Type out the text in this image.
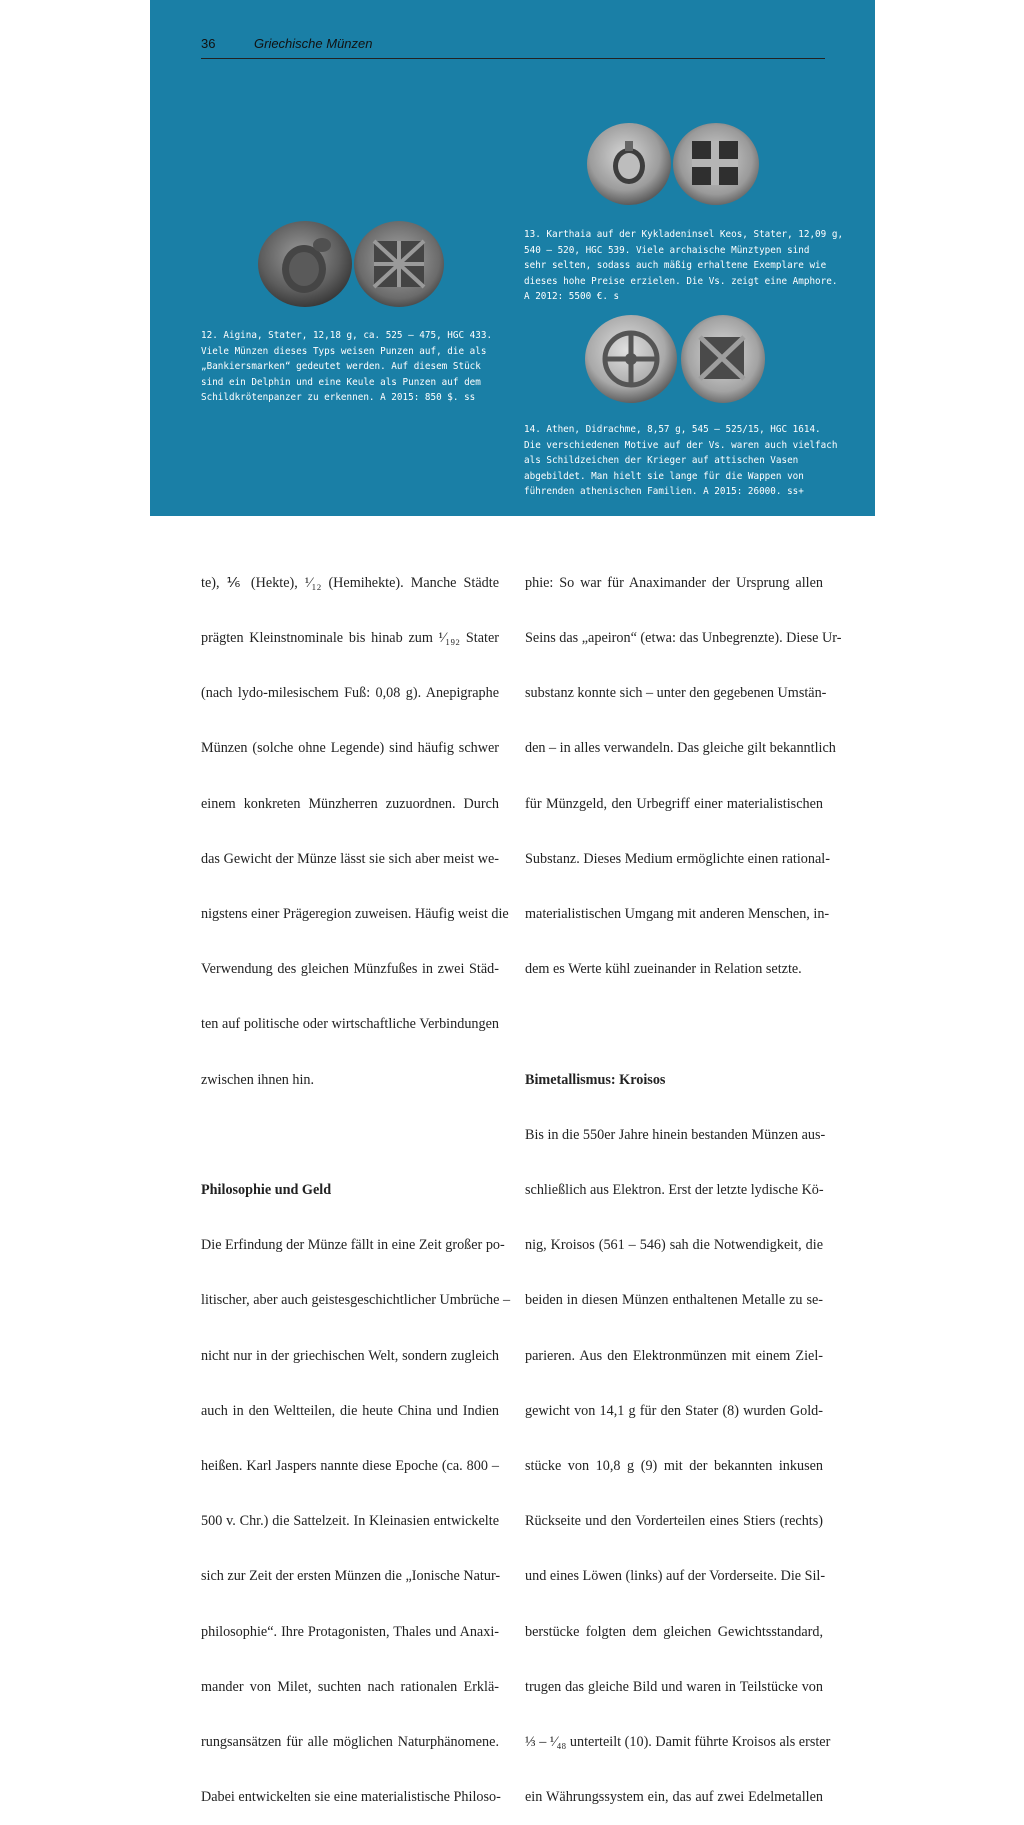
36	Griechische Münzen

12. Aigina, Stater, 12,18 g, ca. 525 – 475, HGC 433.
Viele Münzen dieses Typs weisen Punzen auf, die als
„Bankiersmarken“ gedeutet werden. Auf diesem Stück
sind ein Delphin und eine Keule als Punzen auf dem
Schildkrötenpanzer zu erkennen. A 2015: 850 $. ss

13. Karthaia auf der Kykladeninsel Keos, Stater, 12,09 g,
540 – 520, HGC 539. Viele archaische Münztypen sind
sehr selten, sodass auch mäßig erhaltene Exemplare wie
dieses hohe Preise erzielen. Die Vs. zeigt eine Amphore.
A 2012: 5500 €. s

14. Athen, Didrachme, 8,57 g, 545 – 525/15, HGC 1614.
Die verschiedenen Motive auf der Vs. waren auch vielfach
als Schildzeichen der Krieger auf attischen Vasen
abgebildet. Man hielt sie lange für die Wappen von
führenden athenischen Familien. A 2015: 26000. ss+

te), ⅙ (Hekte), ¹⁄₁₂ (Hemihekte). Manche Städte

prägten Kleinstnominale bis hinab zum ¹⁄₁₉₂ Stater

(nach lydo-milesischem Fuß: 0,08 g). Anepigraphe

Münzen (solche ohne Legende) sind häufig schwer

einem konkreten Münzherren zuzuordnen. Durch

das Gewicht der Münze lässt sie sich aber meist we-

nigstens einer Prägeregion zuweisen. Häufig weist die

Verwendung des gleichen Münzfußes in zwei Städ-

ten auf politische oder wirtschaftliche Verbindungen

zwischen ihnen hin.

Philosophie und Geld

Die Erfindung der Münze fällt in eine Zeit großer po-

litischer, aber auch geistesgeschichtlicher Umbrüche –

nicht nur in der griechischen Welt, sondern zugleich

auch in den Weltteilen, die heute China und Indien

heißen. Karl Jaspers nannte diese Epoche (ca. 800 –

500 v. Chr.) die Sattelzeit. In Kleinasien entwickelte

sich zur Zeit der ersten Münzen die „Ionische Natur-

philosophie“. Ihre Protagonisten, Thales und Anaxi-

mander von Milet, suchten nach rationalen Erklä-

rungsansätzen für alle möglichen Naturphänomene.

Dabei entwickelten sie eine materialistische Philoso-

phie: So war für Anaximander der Ursprung allen

Seins das „apeiron“ (etwa: das Unbegrenzte). Diese Ur-

substanz konnte sich – unter den gegebenen Umstän-

den – in alles verwandeln. Das gleiche gilt bekanntlich

für Münzgeld, den Urbegriff einer materialistischen

Substanz. Dieses Medium ermöglichte einen rational-

materialistischen Umgang mit anderen Menschen, in-

dem es Werte kühl zueinander in Relation setzte.

Bimetallismus: Kroisos

Bis in die 550er Jahre hinein bestanden Münzen aus-

schließlich aus Elektron. Erst der letzte lydische Kö-

nig, Kroisos (561 – 546) sah die Notwendigkeit, die

beiden in diesen Münzen enthaltenen Metalle zu se-

parieren. Aus den Elektronmünzen mit einem Ziel-

gewicht von 14,1 g für den Stater (8) wurden Gold-

stücke von 10,8 g (9) mit der bekannten inkusen

Rückseite und den Vorderteilen eines Stiers (rechts)

und eines Löwen (links) auf der Vorderseite. Die Sil-

berstücke folgten dem gleichen Gewichtsstandard,

trugen das gleiche Bild und waren in Teilstücke von

⅓ – ¹⁄₄₈ unterteilt (10). Damit führte Kroisos als erster

ein Währungssystem ein, das auf zwei Edelmetallen
